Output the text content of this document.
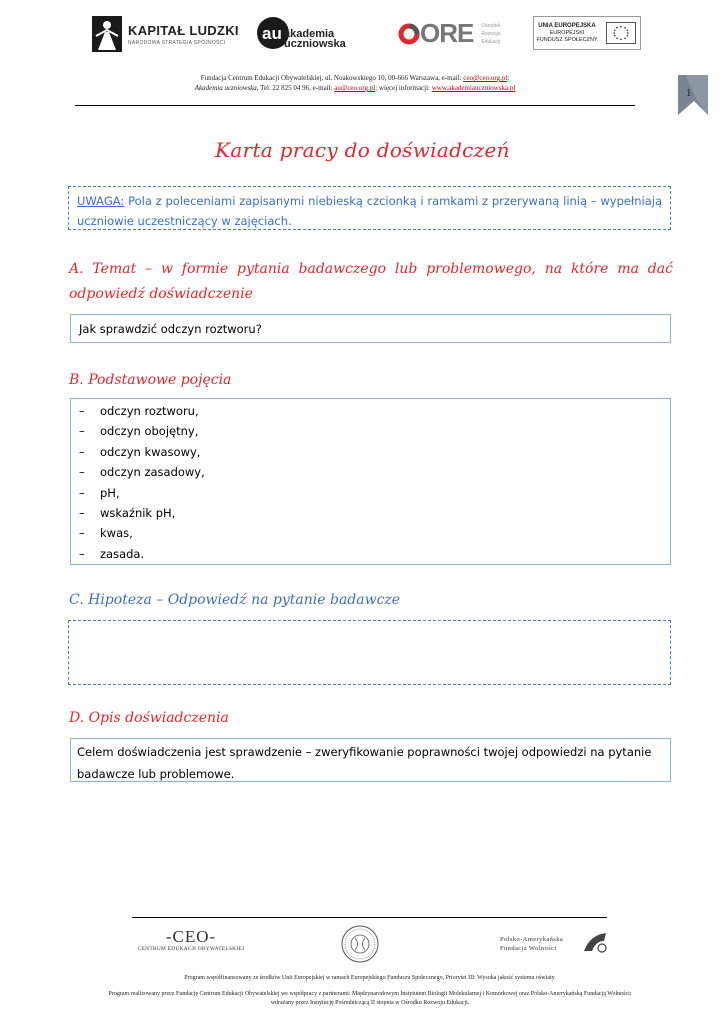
KAPITAŁ LUDZKI
NARODOWA STRATEGIA SPÓJNOŚCI	au akademia
uczniowska	ORE Ośrodek
Rozwoju
Edukacji
UNIA EUROPEJSKA
EUROPEJSKI
FUNDUSZ SPOŁECZNY
Fundacja Centrum Edukacji Obywatelskiej, ul. Noakowskiego 10, 00-666 Warszawa, e-mail: ceo@ceo.org.pl;
Akademia uczniowska, Tel. 22 825 04 96, e-mail: au@ceo.org.pl; więcej informacji: www.akademiauczniowska.pl	1
Karta pracy do doświadczeń
UWAGA: Pola z poleceniami zapisanymi niebieską czcionką i ramkami z przerywaną linią – wypełniają uczniowie uczestniczący w zajęciach.
A. Temat – w formie pytania badawczego lub problemowego, na które ma dać
odpowiedź doświadczenie
Jak sprawdzić odczyn roztworu?
B. Podstawowe pojęcia
–	odczyn roztworu,
–	odczyn obojętny,
–	odczyn kwasowy,
–	odczyn zasadowy,
–	pH,
–	wskaźnik pH,
–	kwas,
–	zasada.
C. Hipoteza – Odpowiedź na pytanie badawcze
D. Opis doświadczenia
Celem doświadczenia jest sprawdzenie – zweryfikowanie poprawności twojej odpowiedzi na pytanie badawcze lub problemowe.
-CEO-
CENTRUM EDUKACJI OBYWATELSKIEJ
Polsko-Amerykańska
Fundacja Wolności
Program współfinansowany ze środków Unii Europejskiej w ramach Europejskiego Funduszu Społecznego, Priorytet III: Wysoka jakość systemu oświaty.
Program realizowany przez Fundację Centrum Edukacji Obywatelskiej we współpracy z partnerami: Międzynarodowym Instytutem Biologii Molekularnej i Komórkowej oraz Polsko-Amerykańską Fundacją Wolności;
wdrażany przez Instytucję Pośredniczącą II stopnia w Ośrodku Rozwoju Edukacji.
